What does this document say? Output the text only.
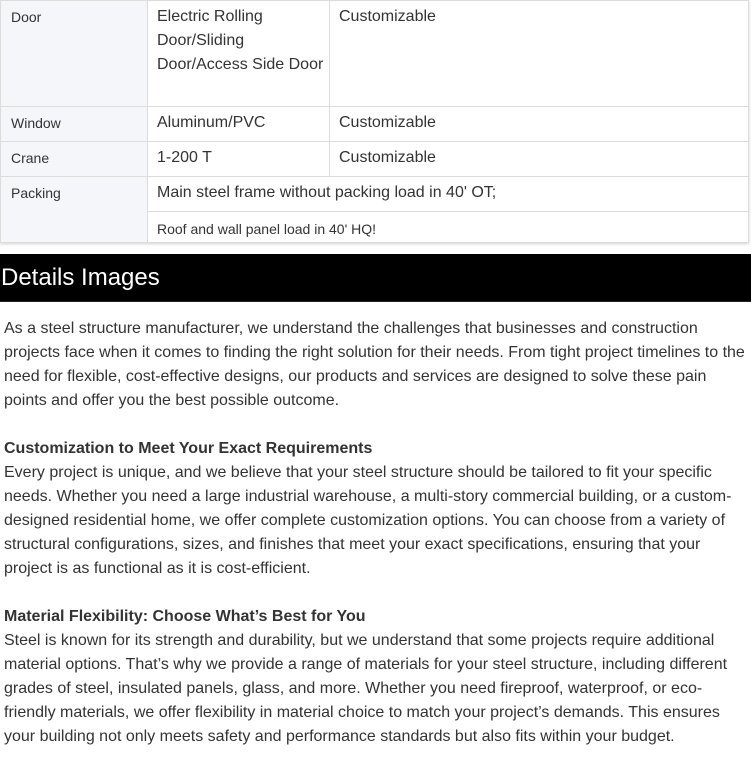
Door	Electric Rolling Door/Sliding Door/Access Side Door	Customizable
Window	Aluminum/PVC	Customizable
Crane	1-200 T	Customizable
Packing	Main steel frame without packing load in 40' OT;	
	Roof and wall panel load in 40' HQ!	
Details Images

As a steel structure manufacturer, we understand the challenges that businesses and construction projects face when it comes to finding the right solution for their needs. From tight project timelines to the need for flexible, cost-effective designs, our products and services are designed to solve these pain points and offer you the best possible outcome.

Customization to Meet Your Exact Requirements

Every project is unique, and we believe that your steel structure should be tailored to fit your specific needs. Whether you need a large industrial warehouse, a multi-story commercial building, or a custom-designed residential home, we offer complete customization options. You can choose from a variety of structural configurations, sizes, and finishes that meet your exact specifications, ensuring that your project is as functional as it is cost-efficient.

Material Flexibility: Choose What’s Best for You

Steel is known for its strength and durability, but we understand that some projects require additional material options. That’s why we provide a range of materials for your steel structure, including different grades of steel, insulated panels, glass, and more. Whether you need fireproof, waterproof, or eco-friendly materials, we offer flexibility in material choice to match your project’s demands. This ensures your building not only meets safety and performance standards but also fits within your budget.
